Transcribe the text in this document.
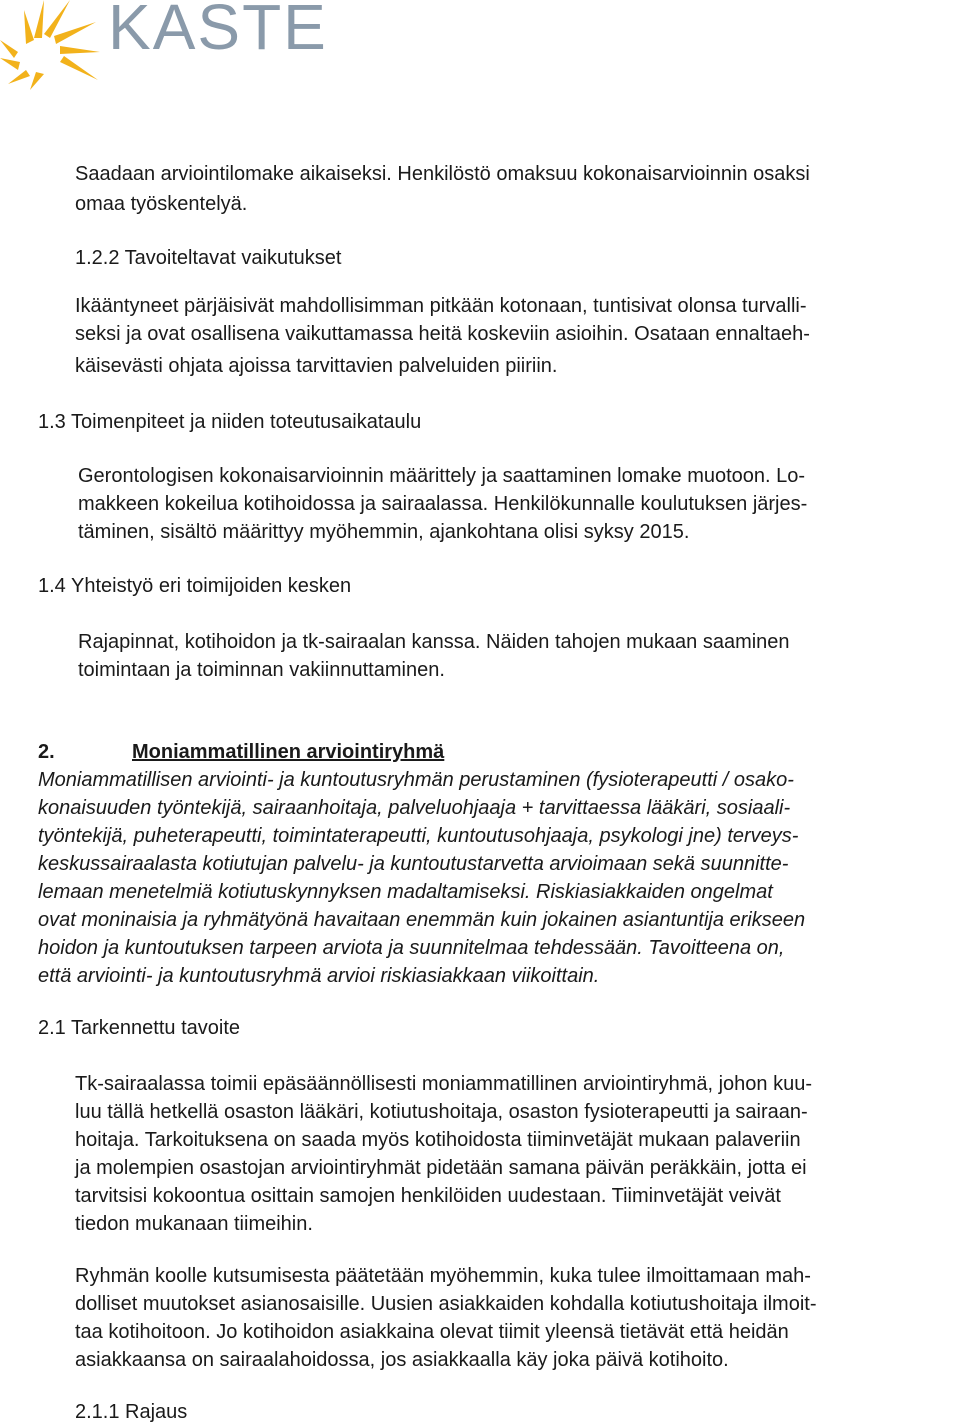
KASTE
Saadaan arviointilomake aikaiseksi. Henkilöstö omaksuu kokonaisarvioinnin osaksi
omaa työskentelyä.
1.2.2 Tavoiteltavat vaikutukset
Ikääntyneet pärjäisivät mahdollisimman pitkään kotonaan, tuntisivat olonsa turvalli-
seksi ja ovat osallisena vaikuttamassa heitä koskeviin asioihin. Osataan ennaltaeh-
käisevästi ohjata ajoissa tarvittavien palveluiden piiriin.
1.3 Toimenpiteet ja niiden toteutusaikataulu
Gerontologisen kokonaisarvioinnin määrittely ja saattaminen lomake muotoon. Lo-
makkeen kokeilua kotihoidossa ja sairaalassa. Henkilökunnalle koulutuksen järjes-
täminen, sisältö määrittyy myöhemmin, ajankohtana olisi syksy 2015.
1.4 Yhteistyö eri toimijoiden kesken
Rajapinnat, kotihoidon ja tk-sairaalan kanssa. Näiden tahojen mukaan saaminen
toimintaan ja toiminnan vakiinnuttaminen.
2.	Moniammatillinen arviointiryhmä
Moniammatillisen arviointi- ja kuntoutusryhmän perustaminen (fysioterapeutti / osako-
konaisuuden työntekijä, sairaanhoitaja, palveluohjaaja + tarvittaessa lääkäri, sosiaali-
työntekijä, puheterapeutti, toimintaterapeutti, kuntoutusohjaaja, psykologi jne) terveys-
keskussairaalasta kotiutujan palvelu- ja kuntoutustarvetta arvioimaan sekä suunnitte-
lemaan menetelmiä kotiutuskynnyksen madaltamiseksi. Riskiasiakkaiden ongelmat
ovat moninaisia ja ryhmätyönä havaitaan enemmän kuin jokainen asiantuntija erikseen
hoidon ja kuntoutuksen tarpeen arviota ja suunnitelmaa tehdessään. Tavoitteena on,
että arviointi- ja kuntoutusryhmä arvioi riskiasiakkaan viikoittain.
2.1 Tarkennettu tavoite
Tk-sairaalassa toimii epäsäännöllisesti moniammatillinen arviointiryhmä, johon kuu-
luu tällä hetkellä osaston lääkäri, kotiutushoitaja, osaston fysioterapeutti ja sairaan-
hoitaja. Tarkoituksena on saada myös kotihoidosta tiiminvetäjät mukaan palaveriin
ja molempien osastojan arviointiryhmät pidetään samana päivän peräkkäin, jotta ei
tarvitsisi kokoontua osittain samojen henkilöiden uudestaan. Tiiminvetäjät veivät
tiedon mukanaan tiimeihin.
Ryhmän koolle kutsumisesta päätetään myöhemmin, kuka tulee ilmoittamaan mah-
dolliset muutokset asianosaisille. Uusien asiakkaiden kohdalla kotiutushoitaja ilmoit-
taa kotihoitoon. Jo kotihoidon asiakkaina olevat tiimit yleensä tietävät että heidän
asiakkaansa on sairaalahoidossa, jos asiakkaalla käy joka päivä kotihoito.
2.1.1 Rajaus
